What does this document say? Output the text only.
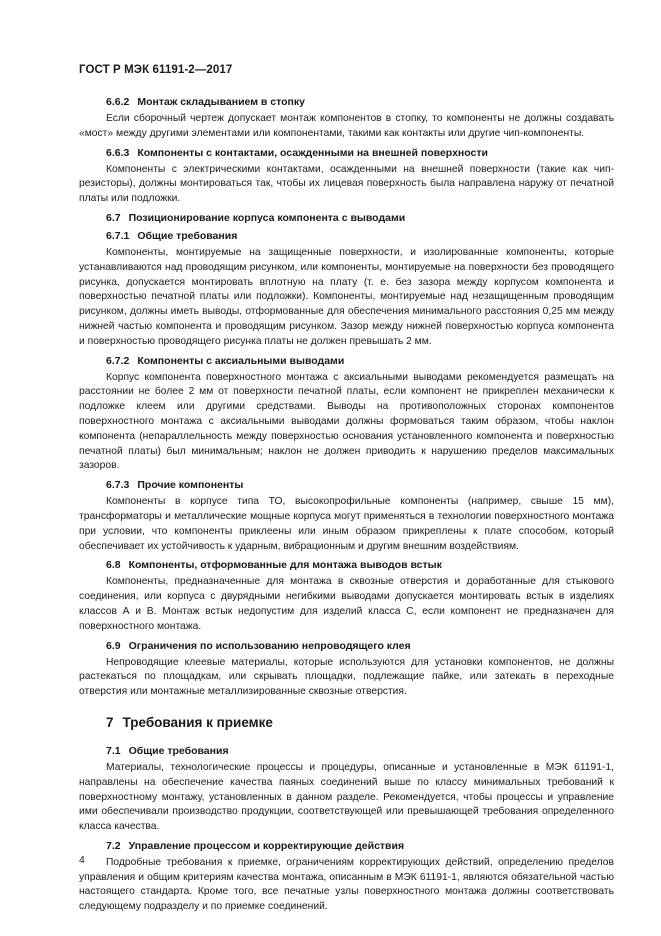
ГОСТ Р МЭК 61191-2—2017
6.6.2 Монтаж складыванием в стопку

Если сборочный чертеж допускает монтаж компонентов в стопку, то компоненты не должны создавать «мост» между другими элементами или компонентами, такими как контакты или другие чип-компоненты.

6.6.3 Компоненты с контактами, осажденными на внешней поверхности

Компоненты с электрическими контактами, осажденными на внешней поверхности (такие как чип-резисторы), должны монтироваться так, чтобы их лицевая поверхность была направлена наружу от печатной платы или подложки.

6.7 Позиционирование корпуса компонента с выводами
6.7.1 Общие требования

Компоненты, монтируемые на защищенные поверхности, и изолированные компоненты, которые устанавливаются над проводящим рисунком, или компоненты, монтируемые на поверхности без проводящего рисунка, допускается монтировать вплотную на плату (т. е. без зазора между корпусом компонента и поверхностью печатной платы или подложки). Компоненты, монтируемые над незащищенным проводящим рисунком, должны иметь выводы, отформованные для обеспечения минимального расстояния 0,25 мм между нижней частью компонента и проводящим рисунком. Зазор между нижней поверхностью корпуса компонента и поверхностью проводящего рисунка платы не должен превышать 2 мм.

6.7.2 Компоненты с аксиальными выводами

Корпус компонента поверхностного монтажа с аксиальными выводами рекомендуется размещать на расстоянии не более 2 мм от поверхности печатной платы, если компонент не прикреплен механически к подложке клеем или другими средствами. Выводы на противоположных сторонах компонентов поверхностного монтажа с аксиальными выводами должны формоваться таким образом, чтобы наклон компонента (непараллельность между поверхностью основания установленного компонента и поверхностью печатной платы) был минимальным; наклон не должен приводить к нарушению пределов максимальных зазоров.

6.7.3 Прочие компоненты

Компоненты в корпусе типа ТО, высокопрофильные компоненты (например, свыше 15 мм), трансформаторы и металлические мощные корпуса могут применяться в технологии поверхностного монтажа при условии, что компоненты приклеены или иным образом прикреплены к плате способом, который обеспечивает их устойчивость к ударным, вибрационным и другим внешним воздействиям.

6.8 Компоненты, отформованные для монтажа выводов встык

Компоненты, предназначенные для монтажа в сквозные отверстия и доработанные для стыкового соединения, или корпуса с двурядными негибкими выводами допускается монтировать встык в изделиях классов А и В. Монтаж встык недопустим для изделий класса С, если компонент не предназначен для поверхностного монтажа.

6.9 Ограничения по использованию непроводящего клея

Непроводящие клеевые материалы, которые используются для установки компонентов, не должны растекаться по площадкам, или скрывать площадки, подлежащие пайке, или затекать в переходные отверстия или монтажные металлизированные сквозные отверстия.

7 Требования к приемке
7.1 Общие требования

Материалы, технологические процессы и процедуры, описанные и установленные в МЭК 61191-1, направлены на обеспечение качества паяных соединений выше по классу минимальных требований к поверхностному монтажу, установленных в данном разделе. Рекомендуется, чтобы процессы и управление ими обеспечивали производство продукции, соответствующей или превышающей требования определенного класса качества.

7.2 Управление процессом и корректирующие действия

Подробные требования к приемке, ограничениям корректирующих действий, определению пределов управления и общим критериям качества монтажа, описанным в МЭК 61191-1, являются обязательной частью настоящего стандарта. Кроме того, все печатные узлы поверхностного монтажа должны соответствовать следующему подразделу и по приемке соединений.

4
